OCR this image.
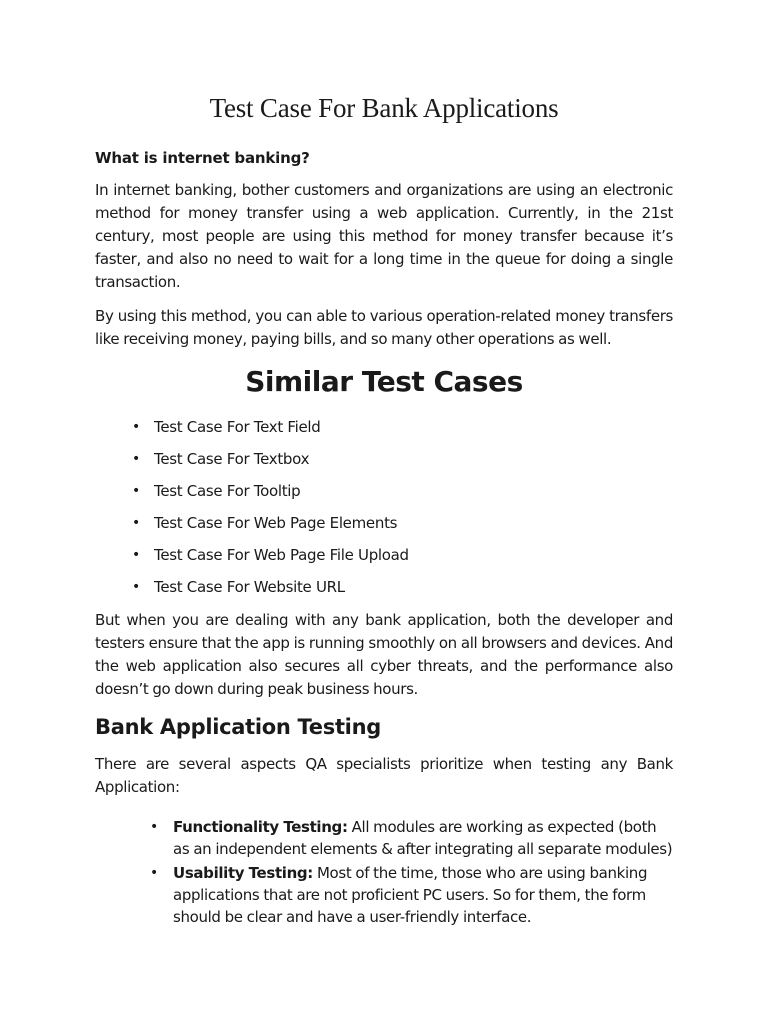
Test Case For Bank Applications
What is internet banking?

In internet banking, bother customers and organizations are using an electronic method for money transfer using a web application. Currently, in the 21st century, most people are using this method for money transfer because it’s faster, and also no need to wait for a long time in the queue for doing a single transaction.

By using this method, you can able to various operation-related money transfers like receiving money, paying bills, and so many other operations as well.

Similar Test Cases
• Test Case For Text Field
• Test Case For Textbox
• Test Case For Tooltip
• Test Case For Web Page Elements
• Test Case For Web Page File Upload
• Test Case For Website URL

But when you are dealing with any bank application, both the developer and testers ensure that the app is running smoothly on all browsers and devices. And the web application also secures all cyber threats, and the performance also doesn’t go down during peak business hours.

Bank Application Testing

There are several aspects QA specialists prioritize when testing any Bank Application:

• Functionality Testing: All modules are working as expected (both as an independent elements & after integrating all separate modules)
• Usability Testing: Most of the time, those who are using banking applications that are not proficient PC users. So for them, the form should be clear and have a user-friendly interface.
